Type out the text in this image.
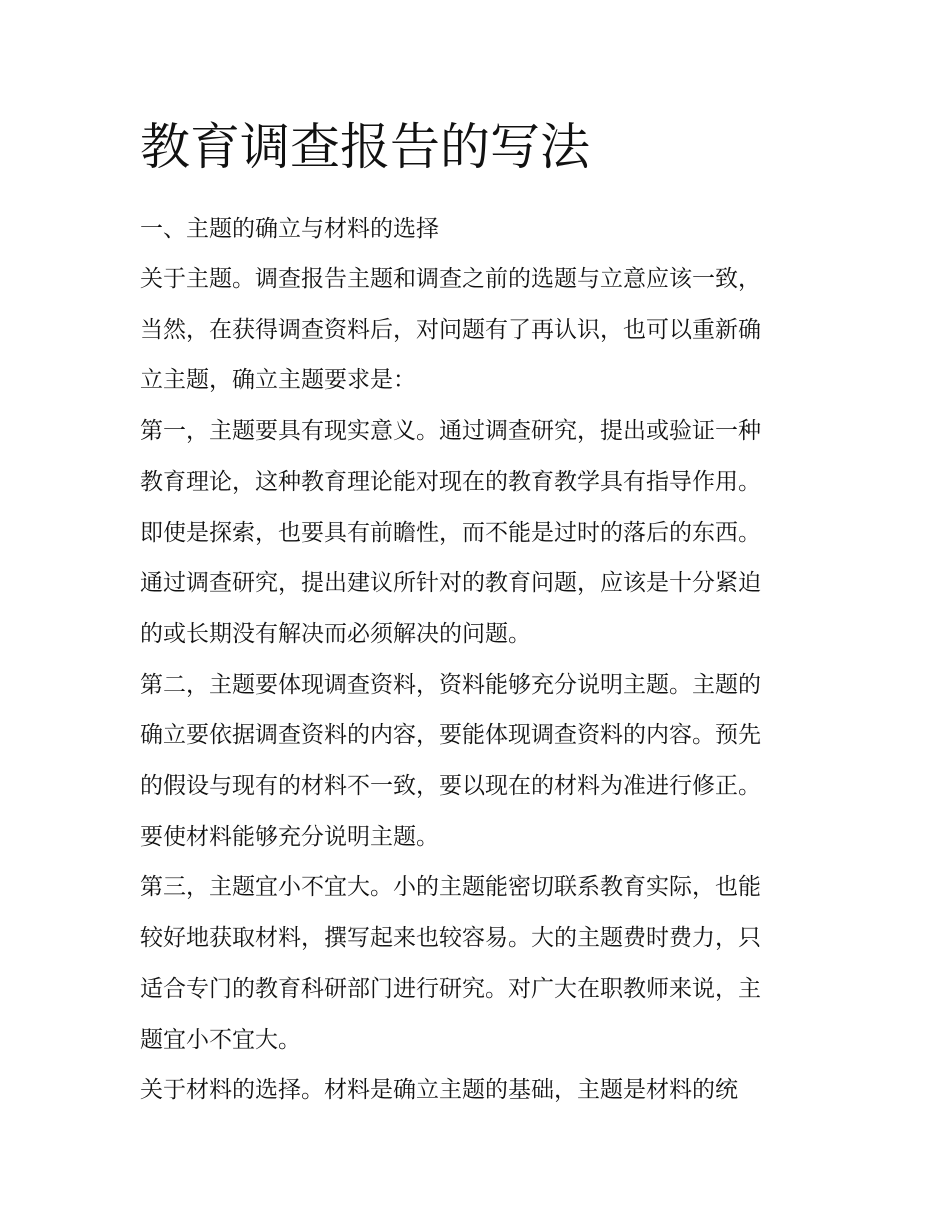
教育调查报告的写法
一、主题的确立与材料的选择
关于主题。调查报告主题和调查之前的选题与立意应该一致，
当然，在获得调查资料后，对问题有了再认识，也可以重新确
立主题，确立主题要求是：
第一，主题要具有现实意义。通过调查研究，提出或验证一种
教育理论，这种教育理论能对现在的教育教学具有指导作用。
即使是探索，也要具有前瞻性，而不能是过时的落后的东西。
通过调查研究，提出建议所针对的教育问题，应该是十分紧迫
的或长期没有解决而必须解决的问题。
第二，主题要体现调查资料，资料能够充分说明主题。主题的
确立要依据调查资料的内容，要能体现调查资料的内容。预先
的假设与现有的材料不一致，要以现在的材料为准进行修正。
要使材料能够充分说明主题。
第三，主题宜小不宜大。小的主题能密切联系教育实际，也能
较好地获取材料，撰写起来也较容易。大的主题费时费力，只
适合专门的教育科研部门进行研究。对广大在职教师来说，主
题宜小不宜大。
关于材料的选择。材料是确立主题的基础，主题是材料的统
